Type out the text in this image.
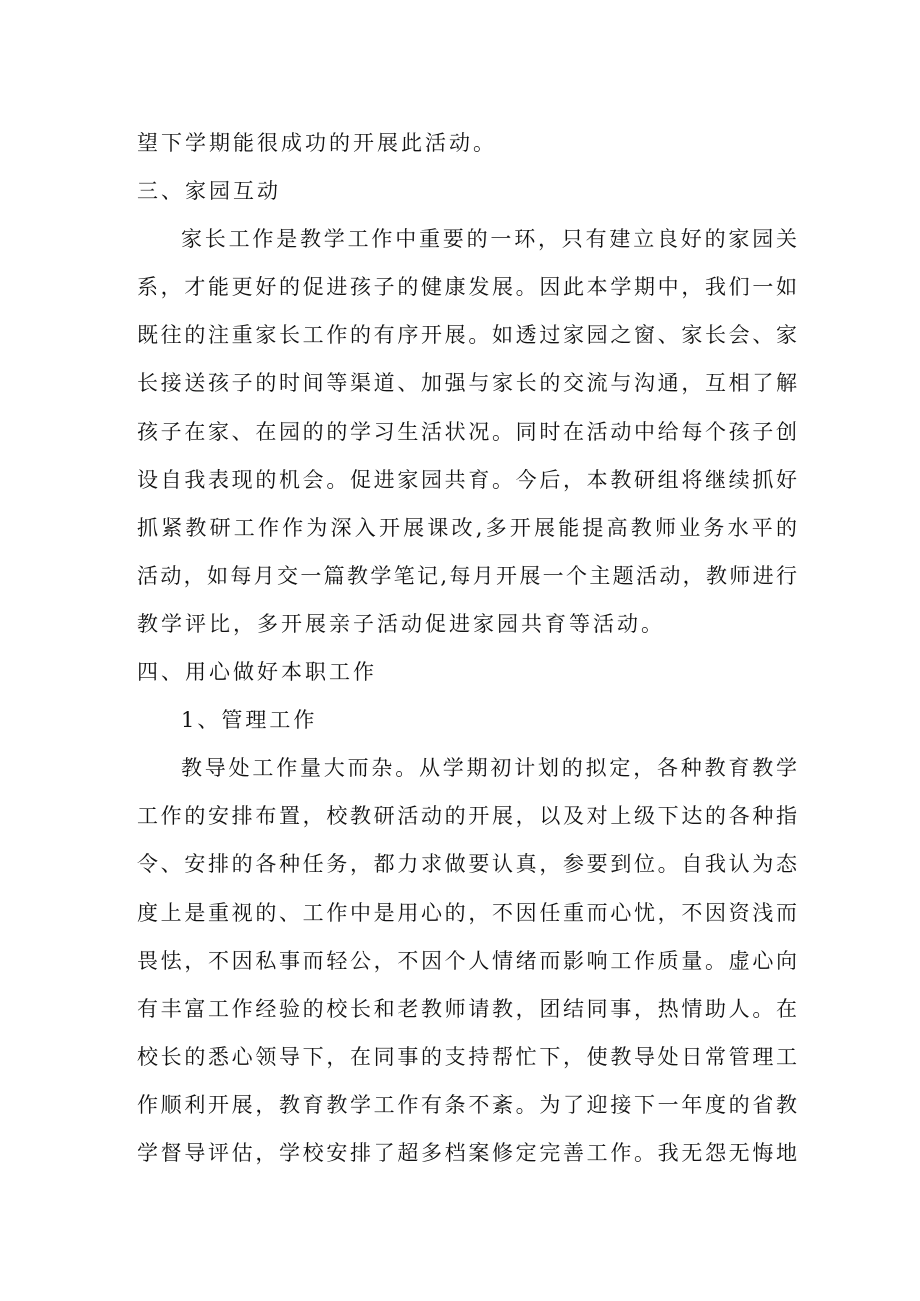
望下学期能很成功的开展此活动。
三、家园互动
家长工作是教学工作中重要的一环，只有建立良好的家园关
系，才能更好的促进孩子的健康发展。因此本学期中，我们一如
既往的注重家长工作的有序开展。如透过家园之窗、家长会、家
长接送孩子的时间等渠道、加强与家长的交流与沟通，互相了解
孩子在家、在园的的学习生活状况。同时在活动中给每个孩子创
设自我表现的机会。促进家园共育。今后，本教研组将继续抓好
抓紧教研工作作为深入开展课改,多开展能提高教师业务水平的
活动，如每月交一篇教学笔记,每月开展一个主题活动，教师进行
教学评比，多开展亲子活动促进家园共育等活动。
四、用心做好本职工作
1、管理工作
教导处工作量大而杂。从学期初计划的拟定，各种教育教学
工作的安排布置，校教研活动的开展，以及对上级下达的各种指
令、安排的各种任务，都力求做要认真，参要到位。自我认为态
度上是重视的、工作中是用心的，不因任重而心忧，不因资浅而
畏怯，不因私事而轻公，不因个人情绪而影响工作质量。虚心向
有丰富工作经验的校长和老教师请教，团结同事，热情助人。在
校长的悉心领导下，在同事的支持帮忙下，使教导处日常管理工
作顺利开展，教育教学工作有条不紊。为了迎接下一年度的省教
学督导评估，学校安排了超多档案修定完善工作。我无怨无悔地
